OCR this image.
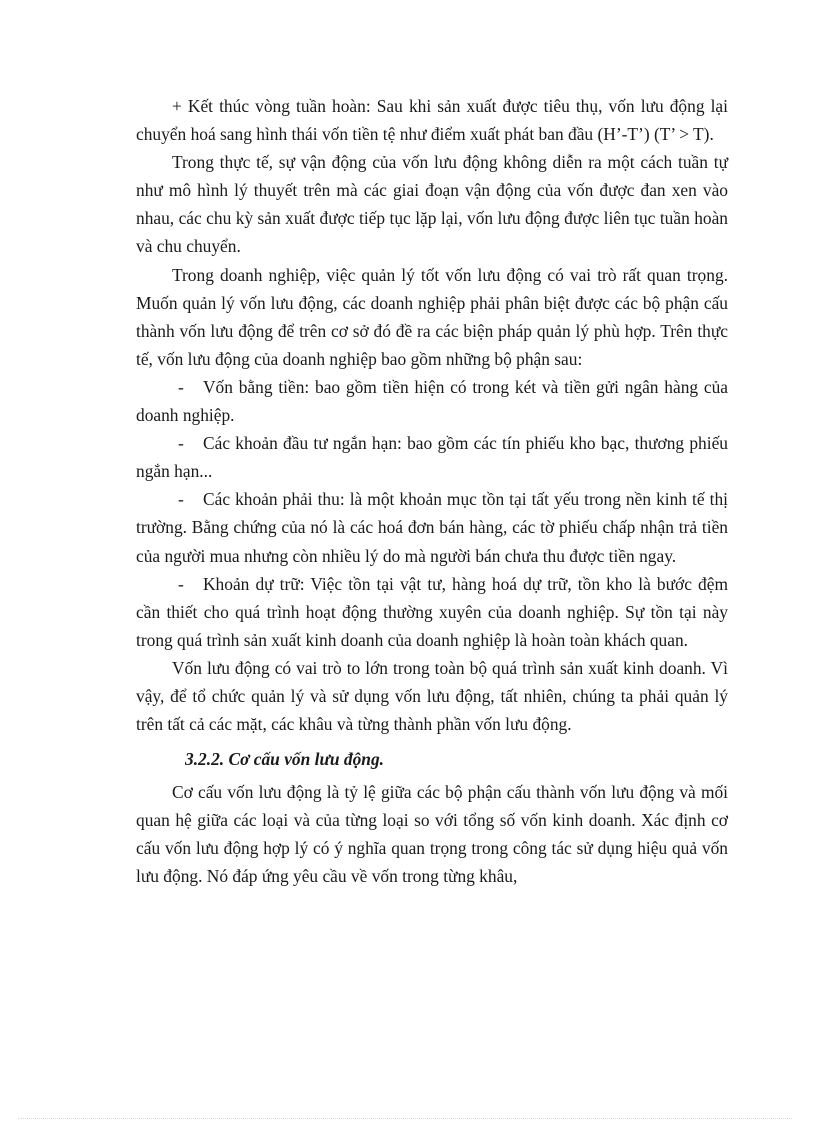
+ Kết thúc vòng tuần hoàn: Sau khi sản xuất được tiêu thụ, vốn lưu động lại chuyển hoá sang hình thái vốn tiền tệ như điểm xuất phát ban đầu (H’-T’) (T’ > T).

Trong thực tế, sự vận động của vốn lưu động không diễn ra một cách tuần tự như mô hình lý thuyết trên mà các giai đoạn vận động của vốn được đan xen vào nhau, các chu kỳ sản xuất được tiếp tục lặp lại, vốn lưu động được liên tục tuần hoàn và chu chuyển.

Trong doanh nghiệp, việc quản lý tốt vốn lưu động có vai trò rất quan trọng. Muốn quản lý vốn lưu động, các doanh nghiệp phải phân biệt được các bộ phận cấu thành vốn lưu động để trên cơ sở đó đề ra các biện pháp quản lý phù hợp. Trên thực tế, vốn lưu động của doanh nghiệp bao gồm những bộ phận sau:

- Vốn bằng tiền: bao gồm tiền hiện có trong két và tiền gửi ngân hàng của doanh nghiệp.

- Các khoản đầu tư ngắn hạn: bao gồm các tín phiếu kho bạc, thương phiếu ngắn hạn...

- Các khoản phải thu: là một khoản mục tồn tại tất yếu trong nền kinh tế thị trường. Bằng chứng của nó là các hoá đơn bán hàng, các tờ phiếu chấp nhận trả tiền của người mua nhưng còn nhiều lý do mà người bán chưa thu được tiền ngay.

- Khoản dự trữ: Việc tồn tại vật tư, hàng hoá dự trữ, tồn kho là bước đệm cần thiết cho quá trình hoạt động thường xuyên của doanh nghiệp. Sự tồn tại này trong quá trình sản xuất kinh doanh của doanh nghiệp là hoàn toàn khách quan.

Vốn lưu động có vai trò to lớn trong toàn bộ quá trình sản xuất kinh doanh. Vì vậy, để tổ chức quản lý và sử dụng vốn lưu động, tất nhiên, chúng ta phải quản lý trên tất cả các mặt, các khâu và từng thành phần vốn lưu động.

3.2.2. Cơ cấu vốn lưu động.

Cơ cấu vốn lưu động là tỷ lệ giữa các bộ phận cấu thành vốn lưu động và mối quan hệ giữa các loại và của từng loại so với tổng số vốn kinh doanh. Xác định cơ cấu vốn lưu động hợp lý có ý nghĩa quan trọng trong công tác sử dụng hiệu quả vốn lưu động. Nó đáp ứng yêu cầu về vốn trong từng khâu,
